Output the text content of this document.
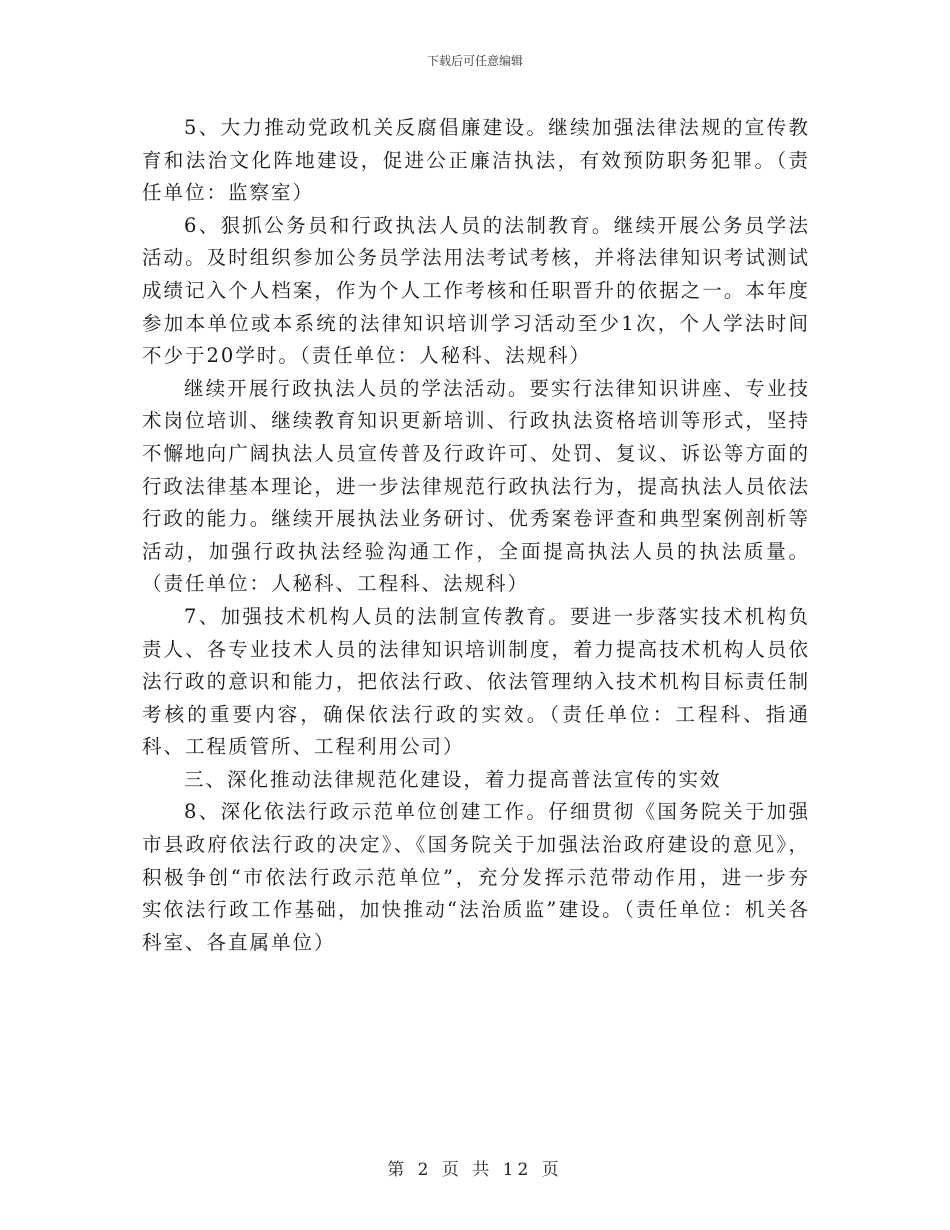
下载后可任意编辑

5、大力推动党政机关反腐倡廉建设。继续加强法律法规的宣传教育和法治文化阵地建设，促进公正廉洁执法，有效预防职务犯罪。（责任单位：监察室）

6、狠抓公务员和行政执法人员的法制教育。继续开展公务员学法活动。及时组织参加公务员学法用法考试考核，并将法律知识考试测试成绩记入个人档案，作为个人工作考核和任职晋升的依据之一。本年度参加本单位或本系统的法律知识培训学习活动至少1次，个人学法时间不少于20学时。（责任单位：人秘科、法规科）

继续开展行政执法人员的学法活动。要实行法律知识讲座、专业技术岗位培训、继续教育知识更新培训、行政执法资格培训等形式，坚持不懈地向广阔执法人员宣传普及行政许可、处罚、复议、诉讼等方面的行政法律基本理论，进一步法律规范行政执法行为，提高执法人员依法行政的能力。继续开展执法业务研讨、优秀案卷评查和典型案例剖析等活动，加强行政执法经验沟通工作，全面提高执法人员的执法质量。（责任单位：人秘科、工程科、法规科）

7、加强技术机构人员的法制宣传教育。要进一步落实技术机构负责人、各专业技术人员的法律知识培训制度，着力提高技术机构人员依法行政的意识和能力，把依法行政、依法管理纳入技术机构目标责任制考核的重要内容，确保依法行政的实效。（责任单位：工程科、指通科、工程质管所、工程利用公司）

三、深化推动法律规范化建设，着力提高普法宣传的实效

8、深化依法行政示范单位创建工作。仔细贯彻《国务院关于加强市县政府依法行政的决定》、《国务院关于加强法治政府建设的意见》，积极争创“市依法行政示范单位”，充分发挥示范带动作用，进一步夯实依法行政工作基础，加快推动“法治质监”建设。（责任单位：机关各科室、各直属单位）

第 2 页 共 12 页
